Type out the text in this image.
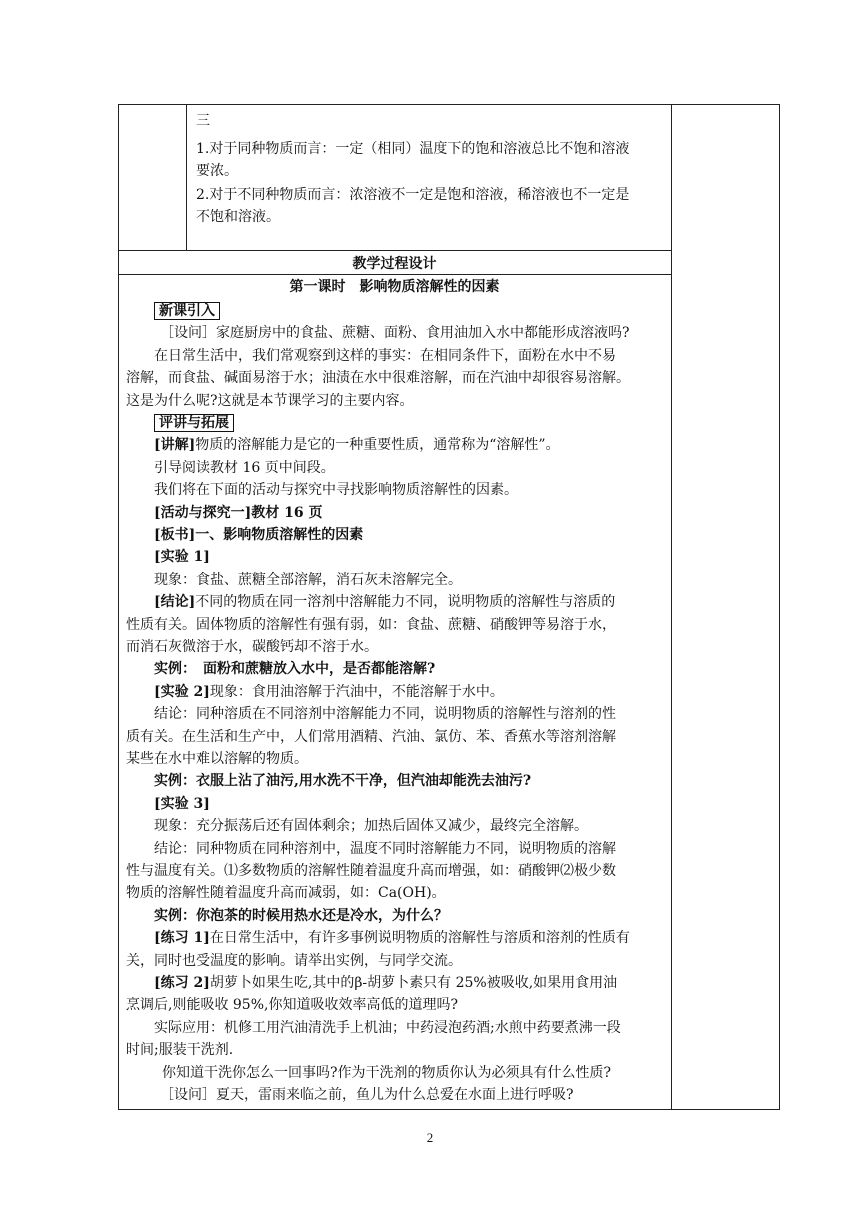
三
1.对于同种物质而言：一定（相同）温度下的饱和溶液总比不饱和溶液
要浓。
2.对于不同种物质而言：浓溶液不一定是饱和溶液，稀溶液也不一定是
不饱和溶液。
教学过程设计
第一课时　影响物质溶解性的因素
新课引入
［设问］家庭厨房中的食盐、蔗糖、面粉、食用油加入水中都能形成溶液吗?
在日常生活中，我们常观察到这样的事实：在相同条件下，面粉在水中不易
溶解，而食盐、碱面易溶于水；油渍在水中很难溶解，而在汽油中却很容易溶解。
这是为什么呢?这就是本节课学习的主要内容。
评讲与拓展
[讲解]物质的溶解能力是它的一种重要性质，通常称为“溶解性”。
引导阅读教材 16 页中间段。
我们将在下面的活动与探究中寻找影响物质溶解性的因素。
[活动与探究一]教材 16 页
[板书]一、影响物质溶解性的因素
[实验 1]
现象：食盐、蔗糖全部溶解，消石灰未溶解完全。
[结论]不同的物质在同一溶剂中溶解能力不同，说明物质的溶解性与溶质的
性质有关。固体物质的溶解性有强有弱，如：食盐、蔗糖、硝酸钾等易溶于水，
而消石灰微溶于水，碳酸钙却不溶于水。
实例：　面粉和蔗糖放入水中，是否都能溶解?
[实验 2]现象：食用油溶解于汽油中，不能溶解于水中。
结论：同种溶质在不同溶剂中溶解能力不同，说明物质的溶解性与溶剂的性
质有关。在生活和生产中，人们常用酒精、汽油、氯仿、苯、香蕉水等溶剂溶解
某些在水中难以溶解的物质。
实例：衣服上沾了油污,用水洗不干净，但汽油却能洗去油污?
[实验 3]
现象：充分振荡后还有固体剩余；加热后固体又减少，最终完全溶解。
结论：同种物质在同种溶剂中，温度不同时溶解能力不同，说明物质的溶解
性与温度有关。⑴多数物质的溶解性随着温度升高而增强，如：硝酸钾⑵极少数
物质的溶解性随着温度升高而减弱，如：Ca(OH)。
实例：你泡茶的时候用热水还是冷水，为什么？
[练习 1]在日常生活中，有许多事例说明物质的溶解性与溶质和溶剂的性质有
关，同时也受温度的影响。请举出实例，与同学交流。
[练习 2]胡萝卜如果生吃,其中的β-胡萝卜素只有 25%被吸收,如果用食用油
烹调后,则能吸收 95%,你知道吸收效率高低的道理吗?
实际应用：机修工用汽油清洗手上机油；中药浸泡药酒;水煎中药要煮沸一段
时间;服装干洗剂.
你知道干洗你怎么一回事吗?作为干洗剂的物质你认为必须具有什么性质?
［设问］夏天，雷雨来临之前，鱼儿为什么总爱在水面上进行呼吸?
2
